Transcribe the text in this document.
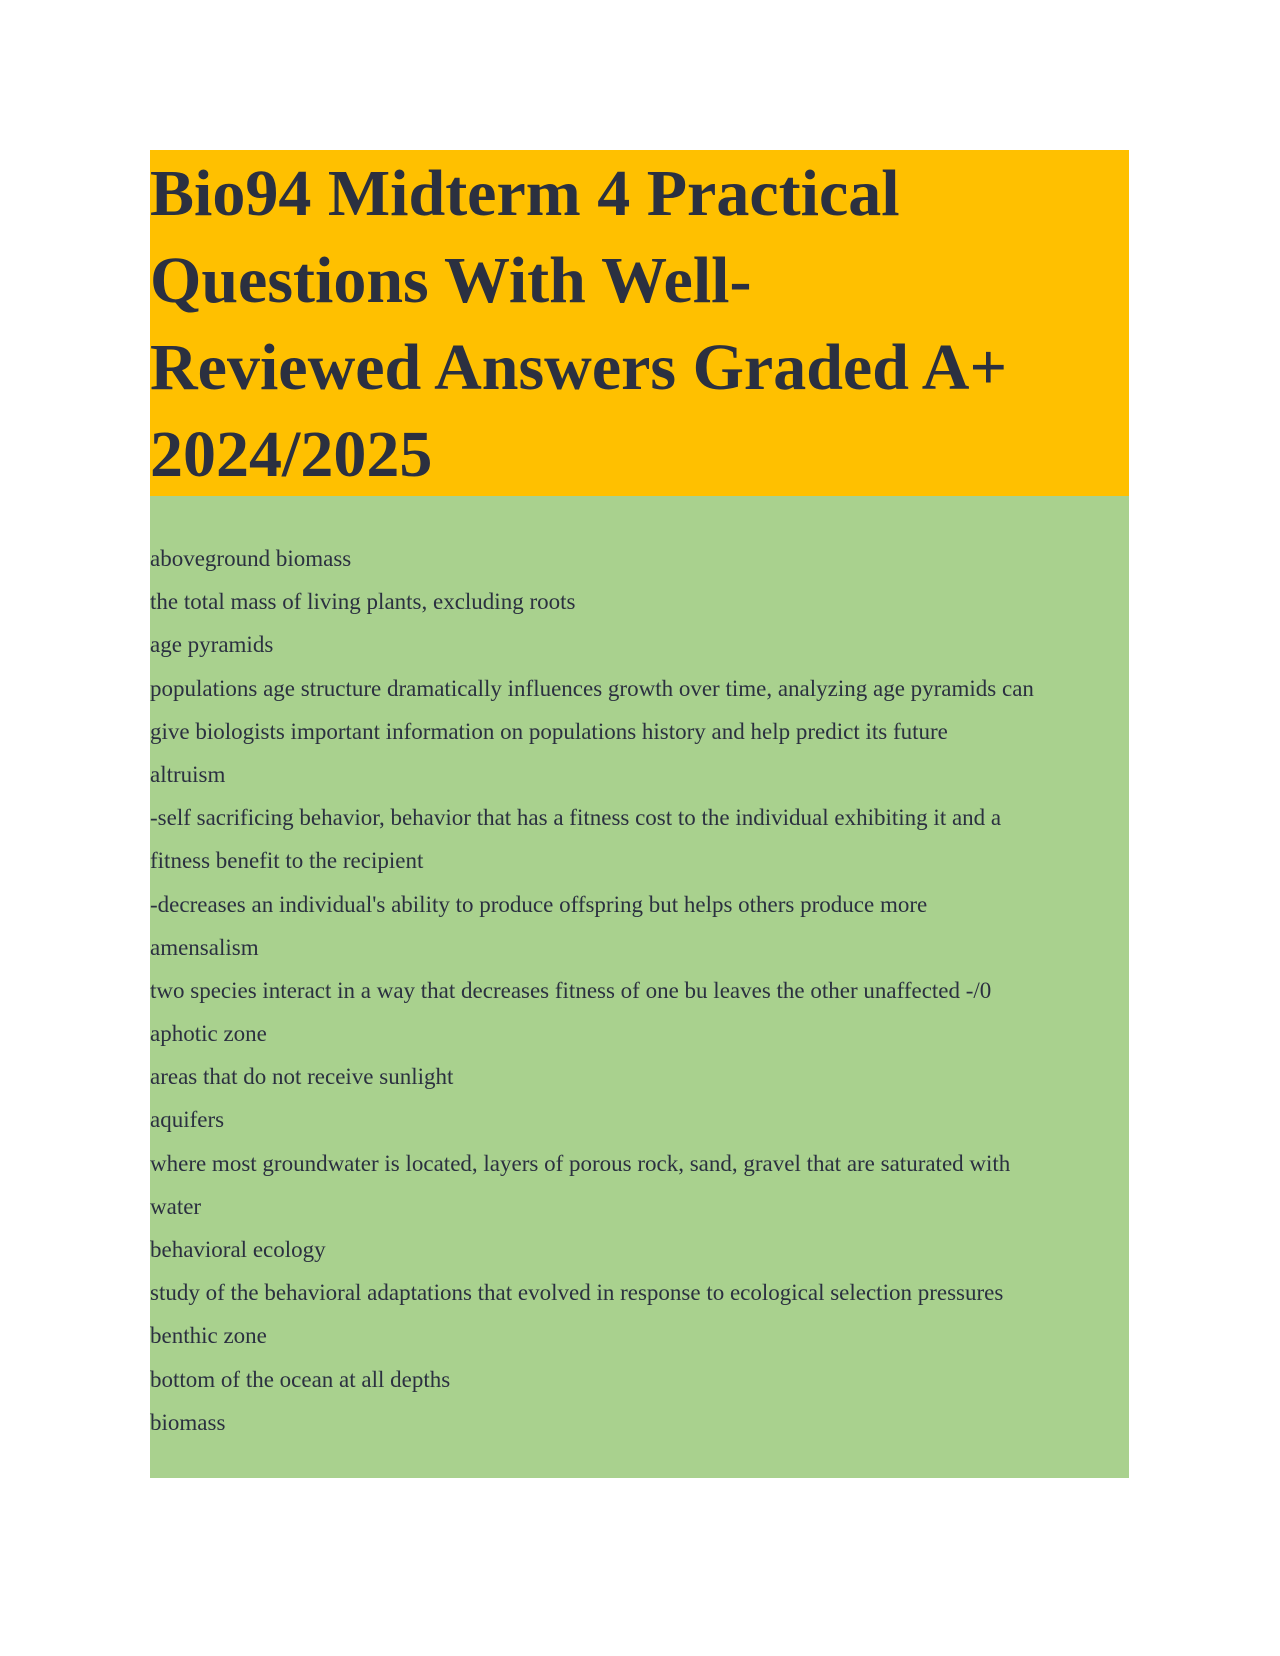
Bio94 Midterm 4 Practical
Questions With Well-
Reviewed Answers Graded A+
2024/2025
aboveground biomass
the total mass of living plants, excluding roots
age pyramids
populations age structure dramatically influences growth over time, analyzing age pyramids can
give biologists important information on populations history and help predict its future
altruism
-self sacrificing behavior, behavior that has a fitness cost to the individual exhibiting it and a
fitness benefit to the recipient
-decreases an individual's ability to produce offspring but helps others produce more
amensalism
two species interact in a way that decreases fitness of one bu leaves the other unaffected -/0
aphotic zone
areas that do not receive sunlight
aquifers
where most groundwater is located, layers of porous rock, sand, gravel that are saturated with
water
behavioral ecology
study of the behavioral adaptations that evolved in response to ecological selection pressures
benthic zone
bottom of the ocean at all depths
biomass
